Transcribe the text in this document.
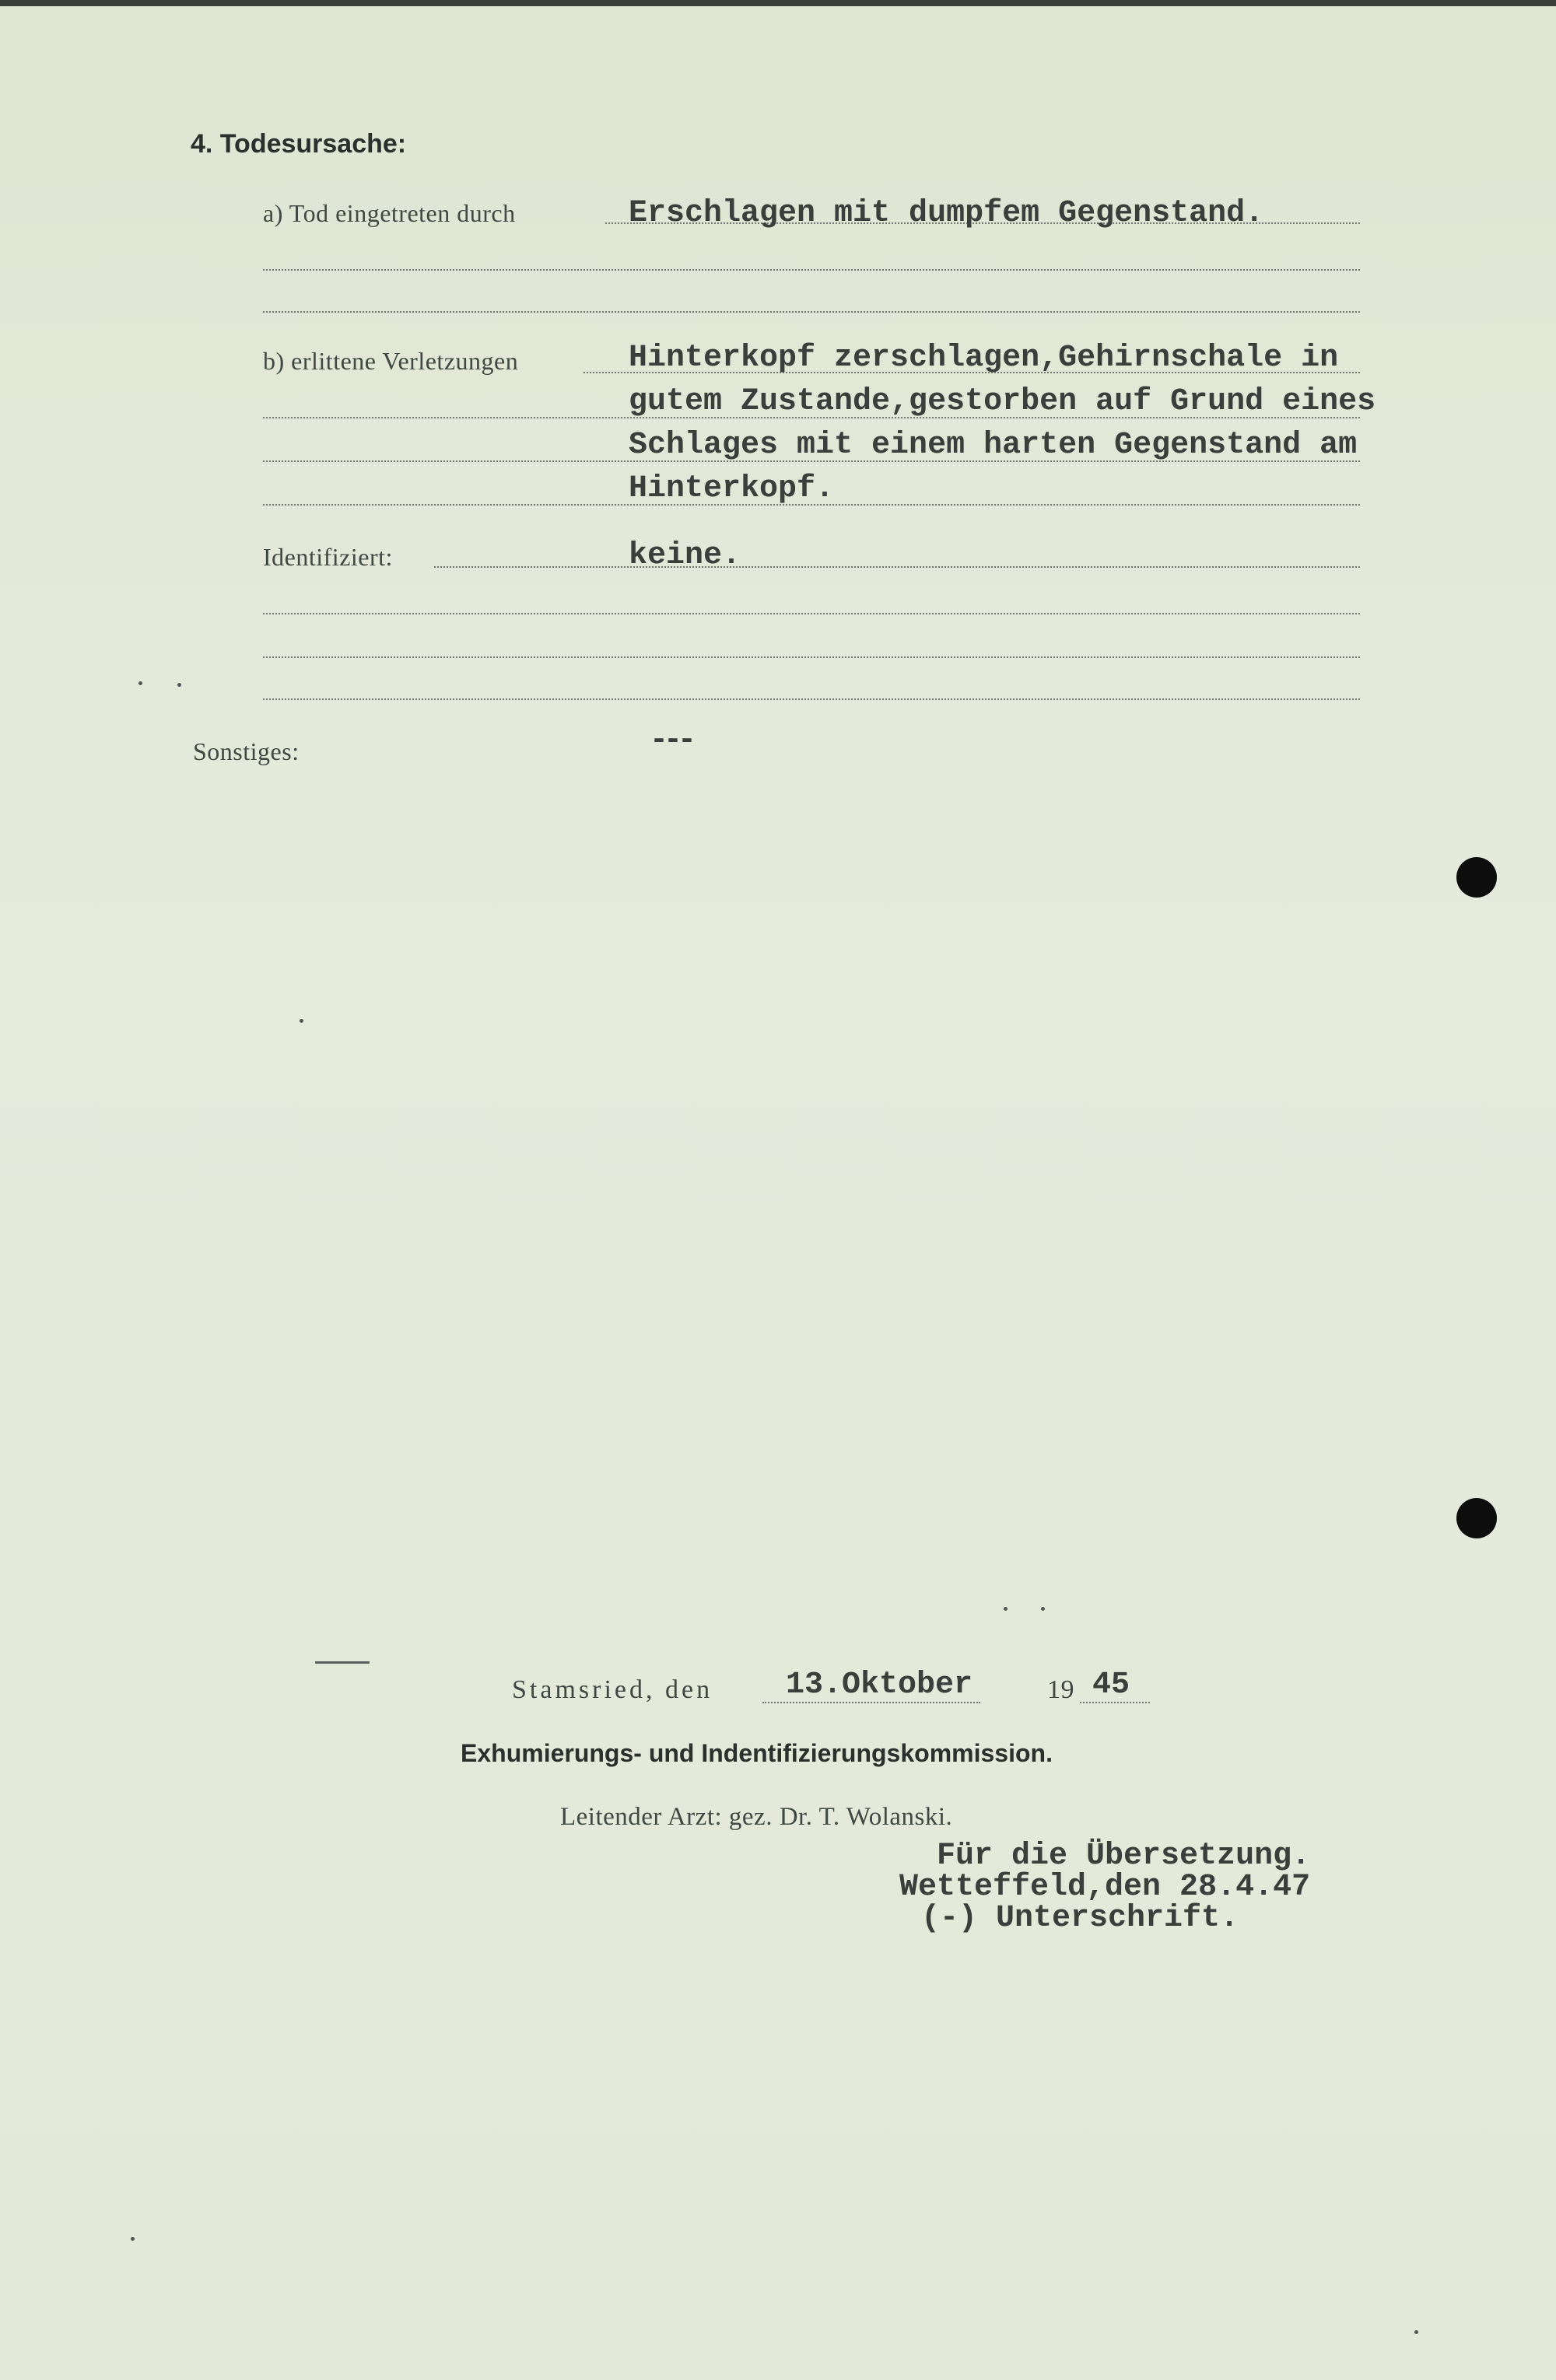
4. Todesursache:
a) Tod eingetreten durch	Erschlagen mit dumpfem Gegenstand.
b) erlittene Verletzungen	Hinterkopf zerschlagen,Gehirnschale in
gutem Zustande,gestorben auf Grund eines
Schlages mit einem harten Gegenstand am
Hinterkopf.
Identifiziert:	keine.
Sonstiges:	---
Stamsried, den 13.Oktober	19 45
Exhumierungs- und Indentifizierungskommission.
Leitender Arzt: gez. Dr. T. Wolanski.
Für die Übersetzung.
Wetteffeld,den 28.4.47
(-) Unterschrift.
